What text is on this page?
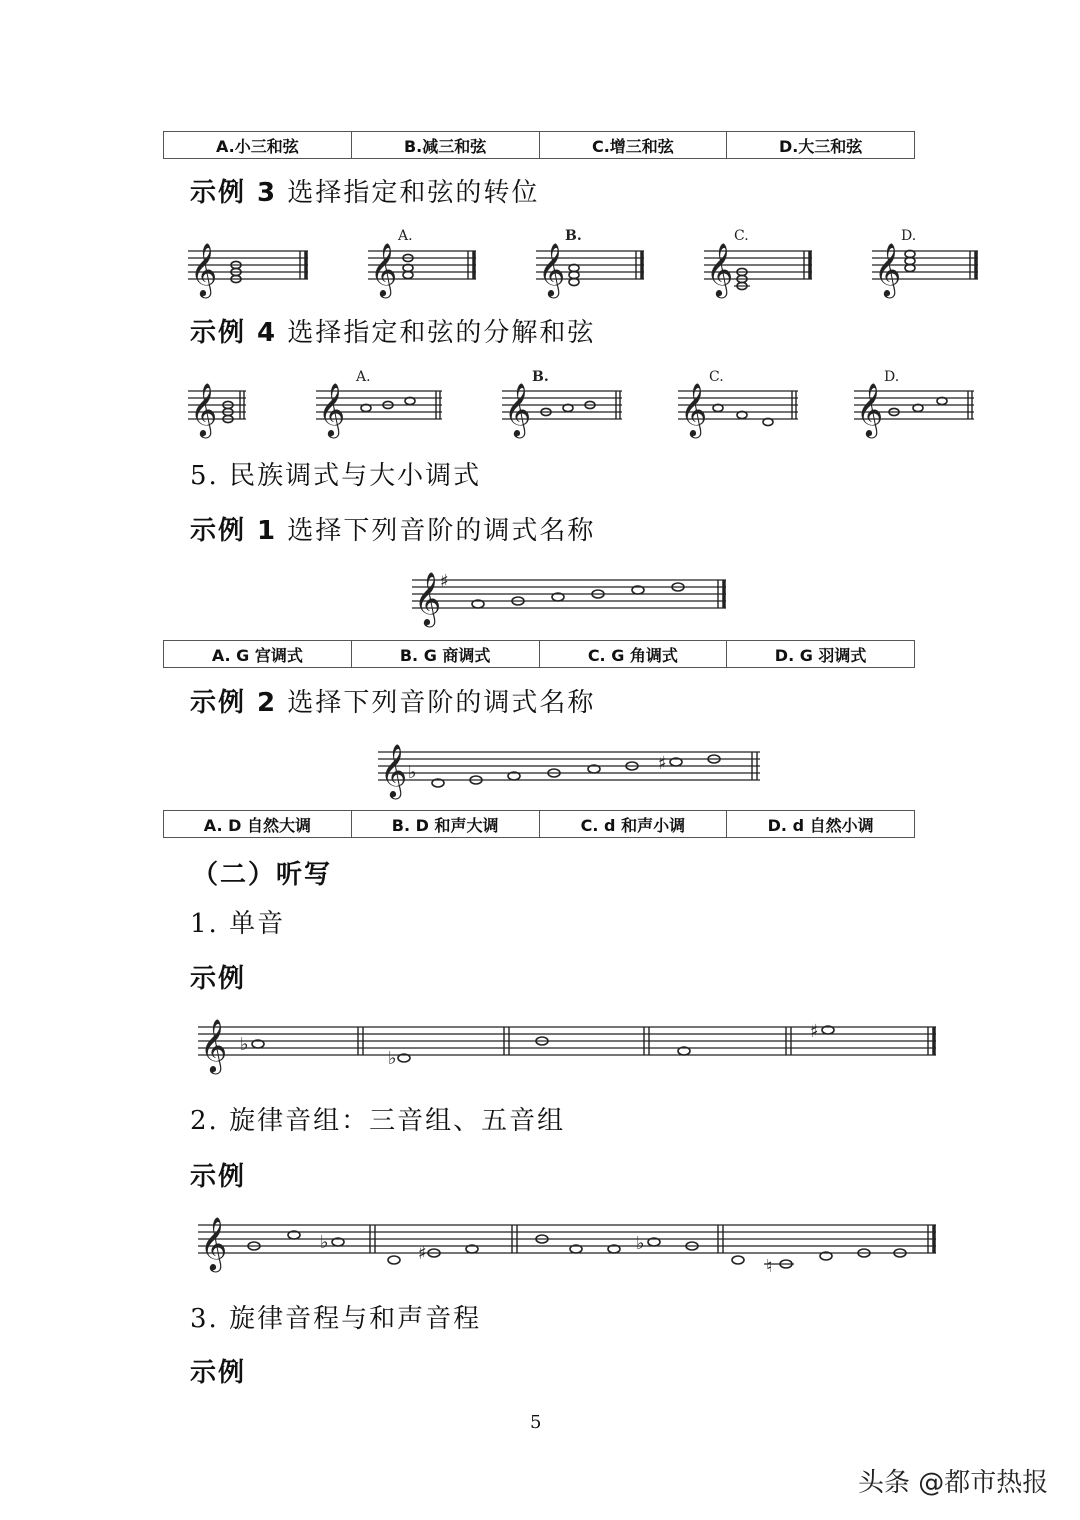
A.小三和弦	B.减三和弦	C.增三和弦	D.大三和弦
示例 3 选择指定和弦的转位
示例 4 选择指定和弦的分解和弦
5. 民族调式与大小调式
示例 1 选择下列音阶的调式名称
A. G 宫调式	B. G 商调式	C. G 角调式	D. G 羽调式
示例 2 选择下列音阶的调式名称
A. D 自然大调	B. D 和声大调	C. d 和声小调	D. d 自然小调
（二）听写
1. 单音
示例
2. 旋律音组：三音组、五音组
示例
3. 旋律音程与和声音程
示例
5
头条 @都市热报
𝄞
A.
𝄞
B.
𝄞
C.
𝄞
D.
𝄞
𝄞
A.
𝄞
B.
𝄞
C.
𝄞
D.
𝄞
𝄞
♯
𝄞 ♭	♯
𝄞 ♭
♭
♯
𝄞	♭
♯	♭
♮
